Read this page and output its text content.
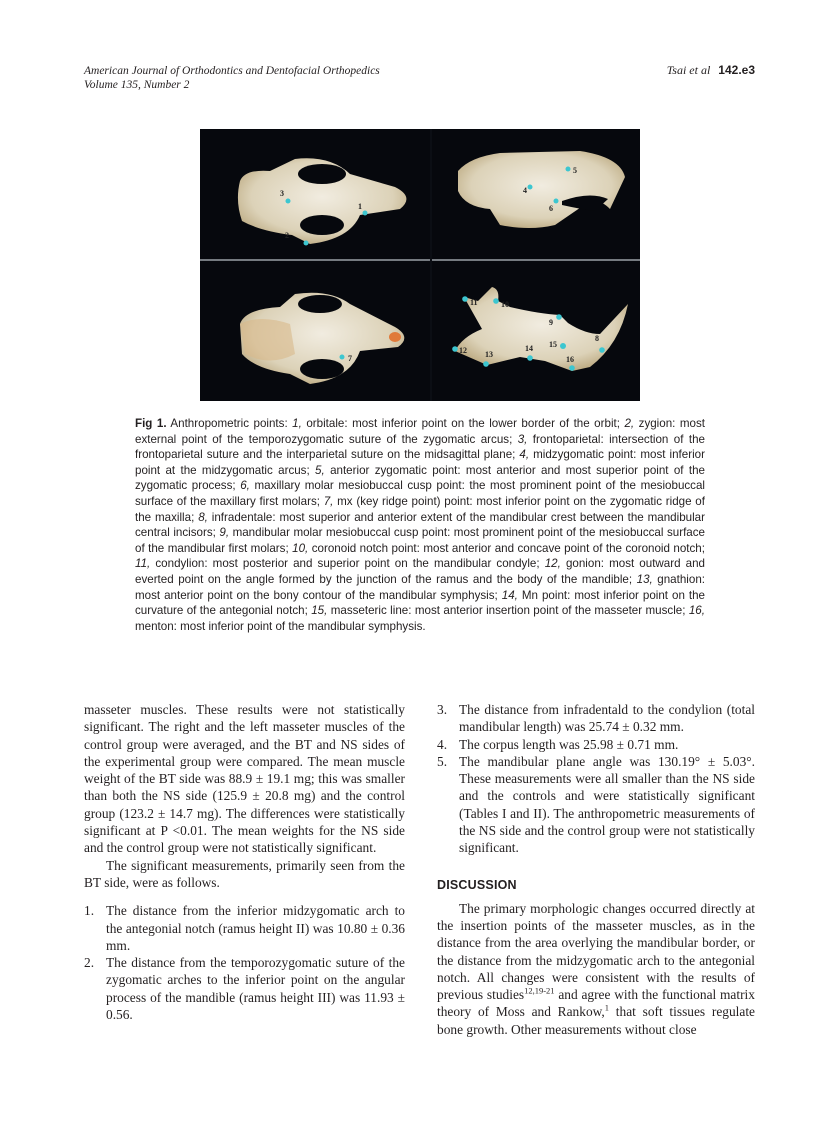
American Journal of Orthodontics and Dentofacial Orthopedics
Volume 135, Number 2
Tsai et al 142.e3
3
1
2
5
4
6
7
11	10
9
12 13
14 15
16
8
Fig 1. Anthropometric points: 1, orbitale: most inferior point on the lower border of the orbit; 2, zygion: most external point of the temporozygomatic suture of the zygomatic arcus; 3, frontoparietal: intersection of the frontoparietal suture and the interparietal suture on the midsagittal plane; 4, midzygomatic point: most inferior point at the midzygomatic arcus; 5, anterior zygomatic point: most anterior and most superior point of the zygomatic process; 6, maxillary molar mesiobuccal cusp point: the most prominent point of the mesiobuccal surface of the maxillary first molars; 7, mx (key ridge point) point: most inferior point on the zygomatic ridge of the maxilla; 8, infradentale: most superior and anterior extent of the mandibular crest between the mandibular central incisors; 9, mandibular molar mesiobuccal cusp point: most prominent point of the mesiobuccal surface of the mandibular first molars; 10, coronoid notch point: most anterior and concave point of the coronoid notch; 11, condylion: most posterior and superior point on the mandibular condyle; 12, gonion: most outward and everted point on the angle formed by the junction of the ramus and the body of the mandible; 13, gnathion: most anterior point on the bony contour of the mandibular symphysis; 14, Mn point: most inferior point on the curvature of the antegonial notch; 15, masseteric line: most anterior insertion point of the masseter muscle; 16, menton: most inferior point of the mandibular symphysis.

masseter muscles. These results were not statistically significant. The right and the left masseter muscles of the control group were averaged, and the BT and NS sides of the experimental group were compared. The mean muscle weight of the BT side was 88.9 ± 19.1 mg; this was smaller than both the NS side (125.9 ± 20.8 mg) and the control group (123.2 ± 14.7 mg). The differences were statistically significant at P <0.01. The mean weights for the NS side and the control group were not statistically significant.

The significant measurements, primarily seen from the BT side, were as follows.

1. The distance from the inferior midzygomatic arch to the antegonial notch (ramus height II) was 10.80 ± 0.36 mm.
2. The distance from the temporozygomatic suture of the zygomatic arches to the inferior point on the angular process of the mandible (ramus height III) was 11.93 ± 0.56.
3. The distance from infradentald to the condylion (total mandibular length) was 25.74 ± 0.32 mm.
4. The corpus length was 25.98 ± 0.71 mm.
5. The mandibular plane angle was 130.19° ± 5.03°. These measurements were all smaller than the NS side and the controls and were statistically significant (Tables I and II). The anthropometric measurements of the NS side and the control group were not statistically significant.
DISCUSSION

The primary morphologic changes occurred directly at the insertion points of the masseter muscles, as in the distance from the area overlying the mandibular border, or the distance from the midzygomatic arch to the antegonial notch. All changes were consistent with the results of previous studies$^{12,19-21}$ and agree with the functional matrix theory of Moss and Rankow,$^1$ that soft tissues regulate bone growth. Other measurements without close
